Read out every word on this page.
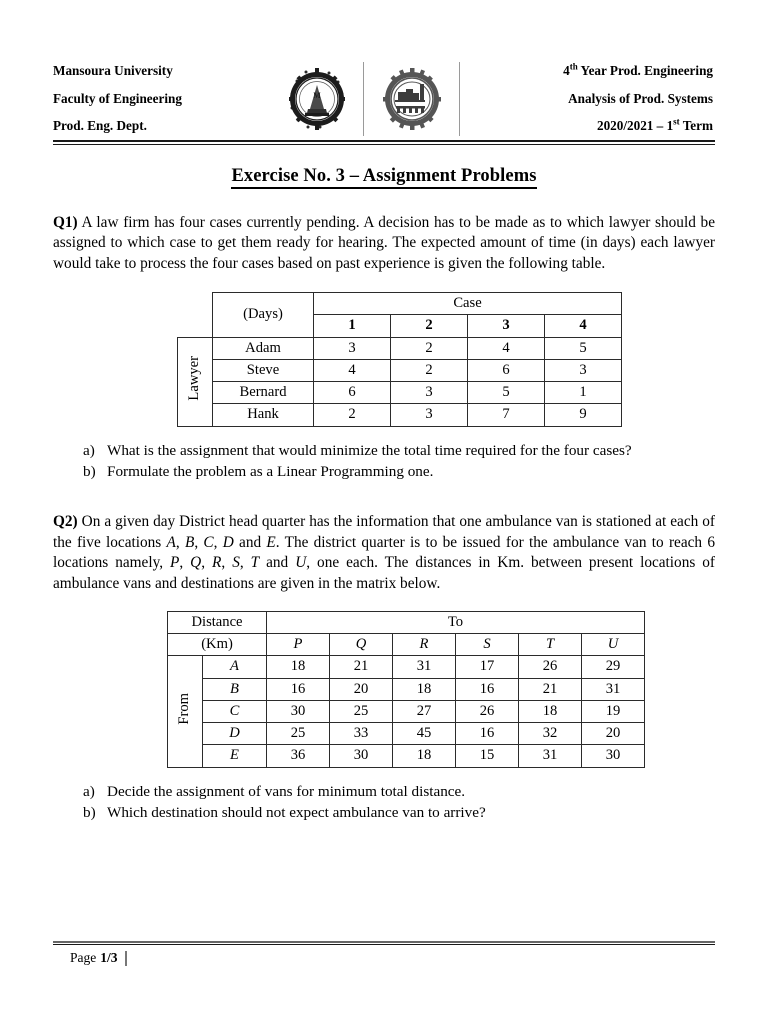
Mansoura University
Faculty of Engineering
Prod. Eng. Dept.
M
4th Year Prod. Engineering
Analysis of Prod. Systems
2020/2021 – 1st Term
Exercise No. 3 – Assignment Problems
Q1) A law firm has four cases currently pending. A decision has to be made as to which lawyer should be assigned to which case to get them ready for hearing. The expected amount of time (in days) each lawyer would take to process the four cases based on past experience is given the following table.
	(Days)	Case			
		1	2	3	4
Lawyer	Adam	3	2	4	5
	Steve	4	2	6	3
	Bernard	6	3	5	1
	Hank	2	3	7	9
a) What is the assignment that would minimize the total time required for the four cases?
b) Formulate the problem as a Linear Programming one.
Q2) On a given day District head quarter has the information that one ambulance van is stationed at each of the five locations A, B, C, D and E. The district quarter is to be issued for the ambulance van to reach 6 locations namely, P, Q, R, S, T and U, one each. The distances in Km. between present locations of ambulance vans and destinations are given in the matrix below.
Distance		To					
(Km)		P	Q	R	S	T	U
From	A	18	21	31	17	26	29
	B	16	20	18	16	21	31
	C	30	25	27	26	18	19
	D	25	33	45	16	32	20
	E	36	30	18	15	31	30
a) Decide the assignment of vans for minimum total distance.
b) Which destination should not expect ambulance van to arrive?
Page 1/3
